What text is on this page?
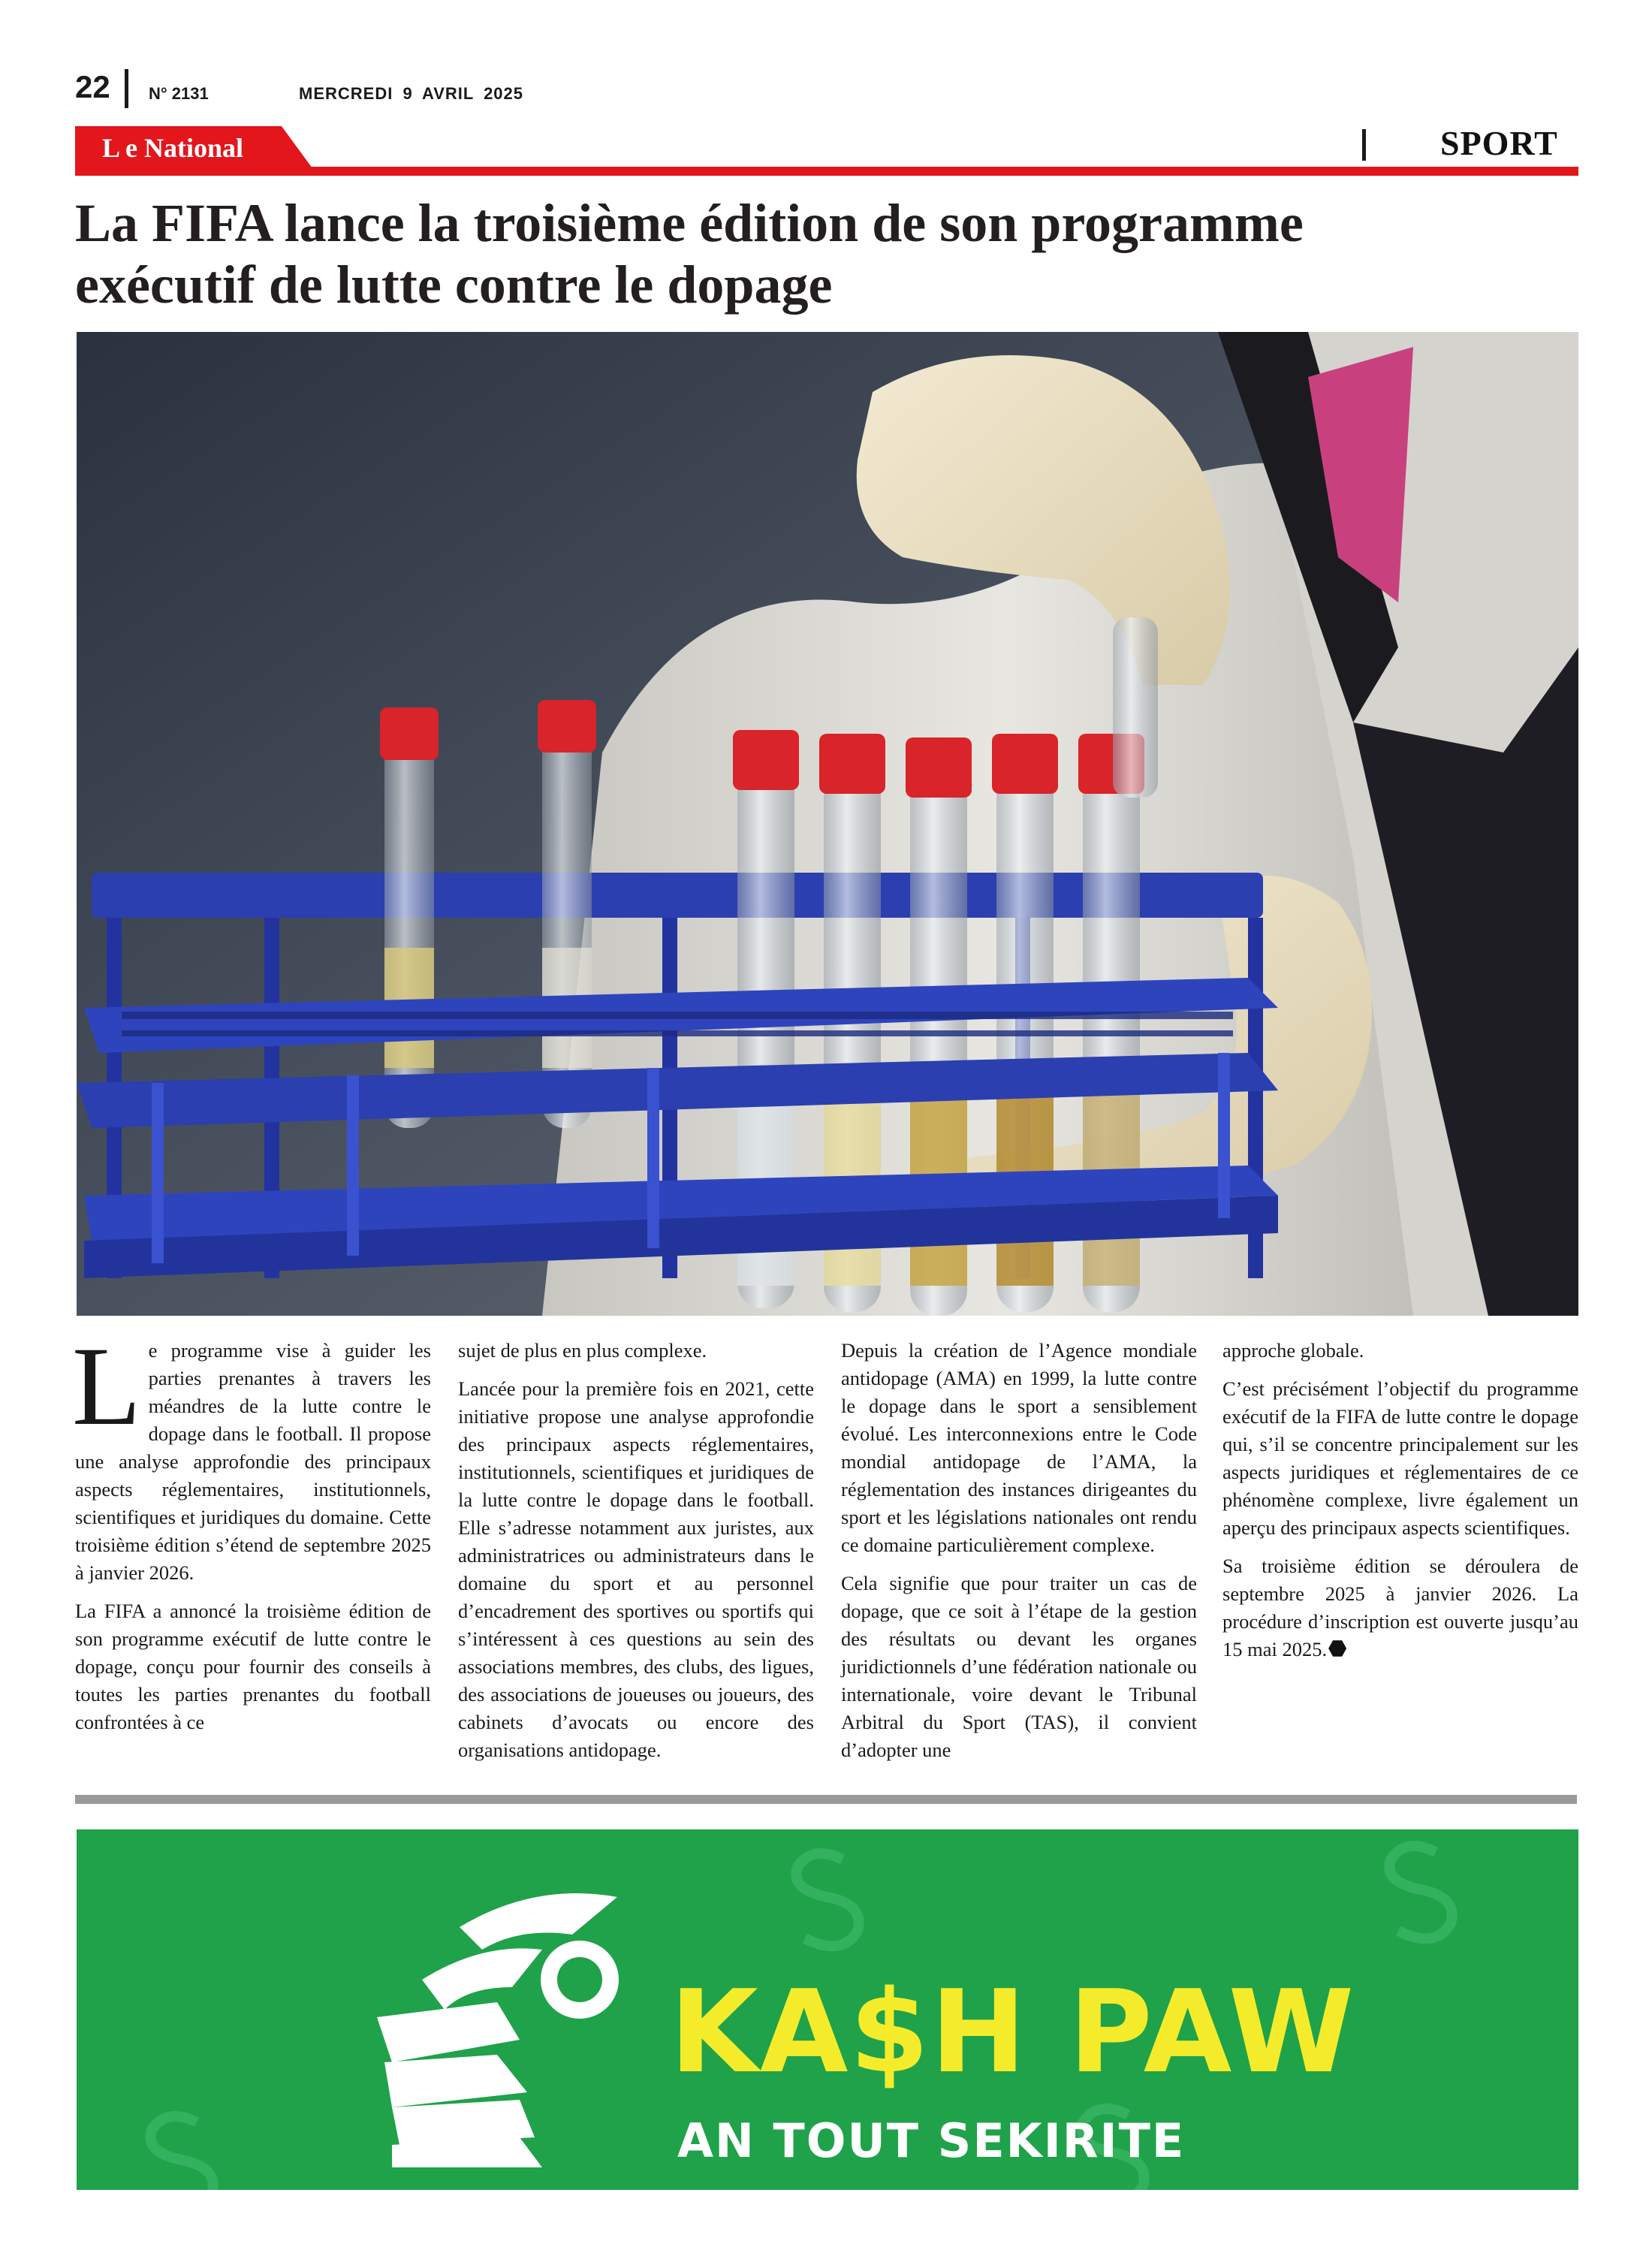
22 N° 2131	MERCREDI 9 AVRIL 2025
L e National	SPORT
La FIFA lance la troisième édition de son programme
exécutif de lutte contre le dopage

Le programme vise à guider les parties prenantes à travers les méandres de la lutte contre le dopage dans le football. Il propose une analyse approfondie des principaux aspects réglementaires, institutionnels, scientifiques et juridiques du domaine. Cette troisième édition s’étend de septembre 2025 à janvier 2026.

La FIFA a annoncé la troisième édition de son programme exécutif de lutte contre le dopage, conçu pour fournir des conseils à toutes les parties prenantes du football confrontées à ce

sujet de plus en plus complexe.

Lancée pour la première fois en 2021, cette initiative propose une analyse approfondie des principaux aspects réglementaires, institutionnels, scientifiques et juridiques de la lutte contre le dopage dans le football. Elle s’adresse notamment aux juristes, aux administratrices ou administrateurs dans le domaine du sport et au personnel d’encadrement des sportives ou sportifs qui s’intéressent à ces questions au sein des associations membres, des clubs, des ligues, des associations de joueuses ou joueurs, des cabinets d’avocats ou encore des organisations antidopage.

Depuis la création de l’Agence mondiale antidopage (AMA) en 1999, la lutte contre le dopage dans le sport a sensiblement évolué. Les interconnexions entre le Code mondial antidopage de l’AMA, la réglementation des instances dirigeantes du sport et les législations nationales ont rendu ce domaine particulièrement complexe.

Cela signifie que pour traiter un cas de dopage, que ce soit à l’étape de la gestion des résultats ou devant les organes juridictionnels d’une fédération nationale ou internationale, voire devant le Tribunal Arbitral du Sport (TAS), il convient d’adopter une

approche globale.

C’est précisément l’objectif du programme exécutif de la FIFA de lutte contre le dopage qui, s’il se concentre principalement sur les aspects juridiques et réglementaires de ce phénomène complexe, livre également un aperçu des principaux aspects scientifiques.

Sa troisième édition se déroulera de septembre 2025 à janvier 2026. La procédure d’inscription est ouverte jusqu’au 15 mai 2025.

KA$H PAW
AN TOUT SEKIRITE
